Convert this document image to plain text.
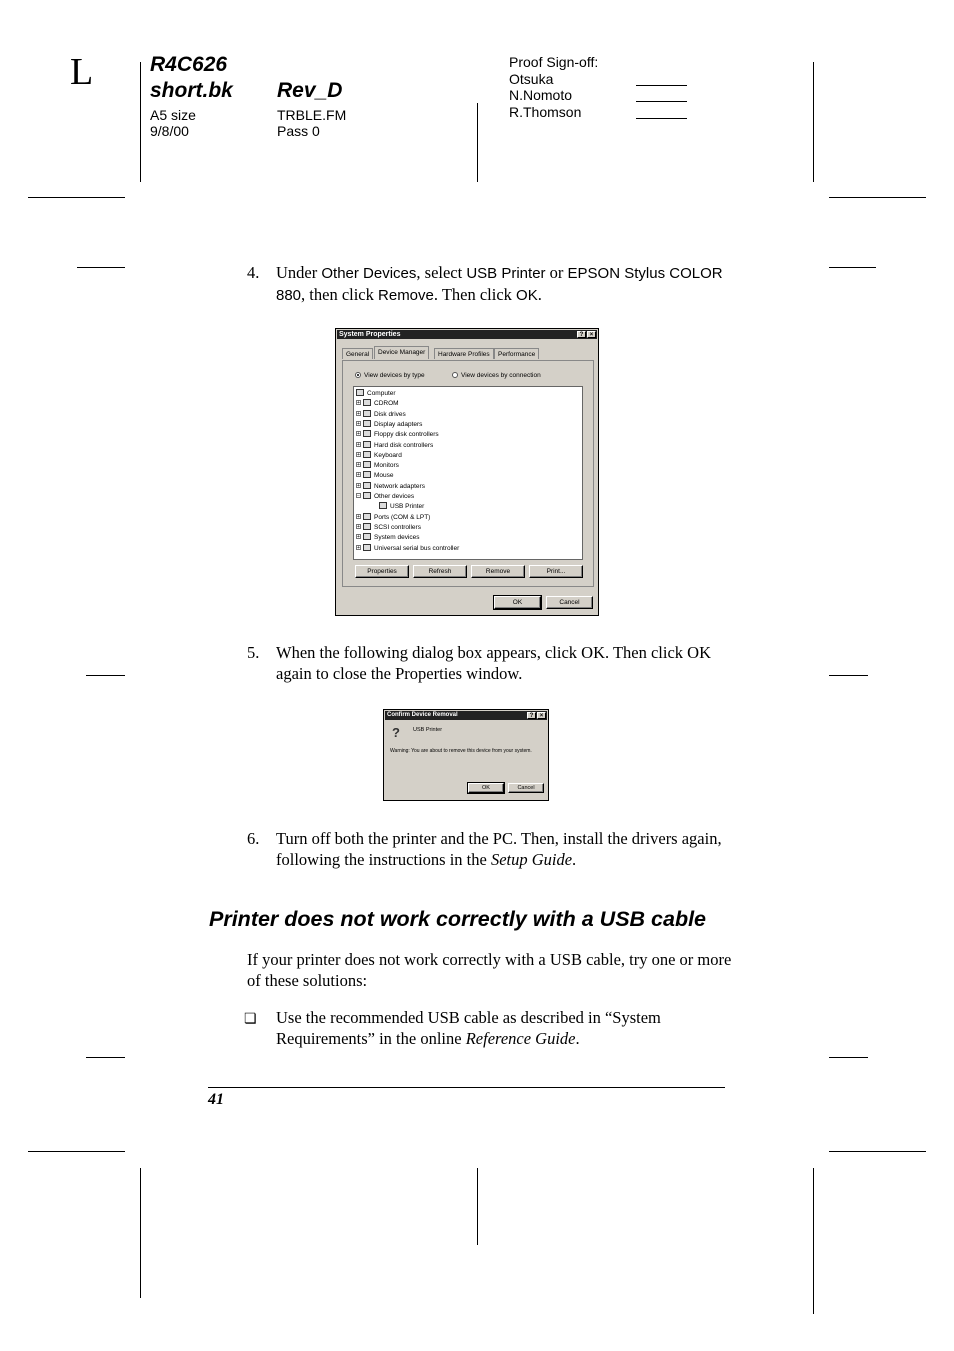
L	R4C626
short.bk Rev_D
A5 size
9/8/00
TRBLE.FM
Pass 0
Proof Sign-off:
Otsuka
N.Nomoto
R.Thomson
4.	Under Other Devices, select USB Printer or EPSON Stylus COLOR 880, then click Remove. Then click OK.
System Properties	?	×
General	Device Manager	Hardware Profiles	Performance
View devices by type	View devices by connection
Computer
+ CDROM
+ Disk drives
+ Display adapters
+ Floppy disk controllers
+ Hard disk controllers
+ Keyboard
+ Monitors
+ Mouse
+ Network adapters
− Other devices
USB Printer
+ Ports (COM & LPT)
+ SCSI controllers
+ System devices
+ Universal serial bus controller
Properties	Refresh	Remove	Print...
OK	Cancel
5.	When the following dialog box appears, click OK. Then click OK again to close the Properties window.
Confirm Device Removal	?	×
?	USB Printer
Warning: You are about to remove this device from your system.
OK	Cancel
6.	Turn off both the printer and the PC. Then, install the drivers again, following the instructions in the Setup Guide.
Printer does not work correctly with a USB cable
If your printer does not work correctly with a USB cable, try one or more of these solutions:
❏	Use the recommended USB cable as described in “System Requirements” in the online Reference Guide.
41
